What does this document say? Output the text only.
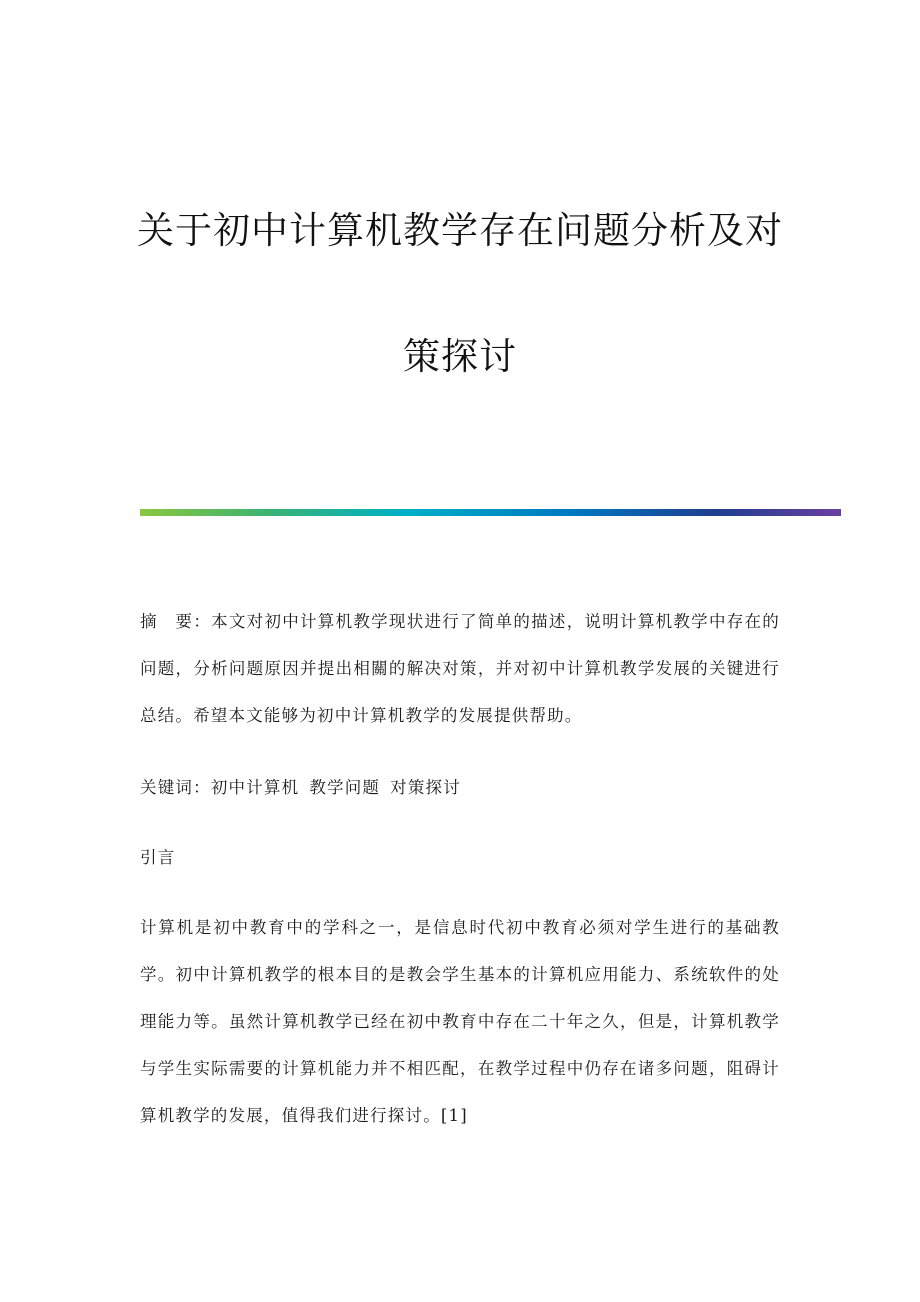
关于初中计算机教学存在问题分析及对
策探讨

摘　要：本文对初中计算机教学现状进行了简单的描述，说明计算机教学中存在的问题，分析问题原因并提出相關的解决对策，并对初中计算机教学发展的关键进行总结。希望本文能够为初中计算机教学的发展提供帮助。

关键词：初中计算机 教学问题 对策探讨

引言

计算机是初中教育中的学科之一，是信息时代初中教育必须对学生进行的基础教学。初中计算机教学的根本目的是教会学生基本的计算机应用能力、系统软件的处理能力等。虽然计算机教学已经在初中教育中存在二十年之久，但是，计算机教学与学生实际需要的计算机能力并不相匹配，在教学过程中仍存在诸多问题，阻碍计算机教学的发展，值得我们进行探讨。[1]
